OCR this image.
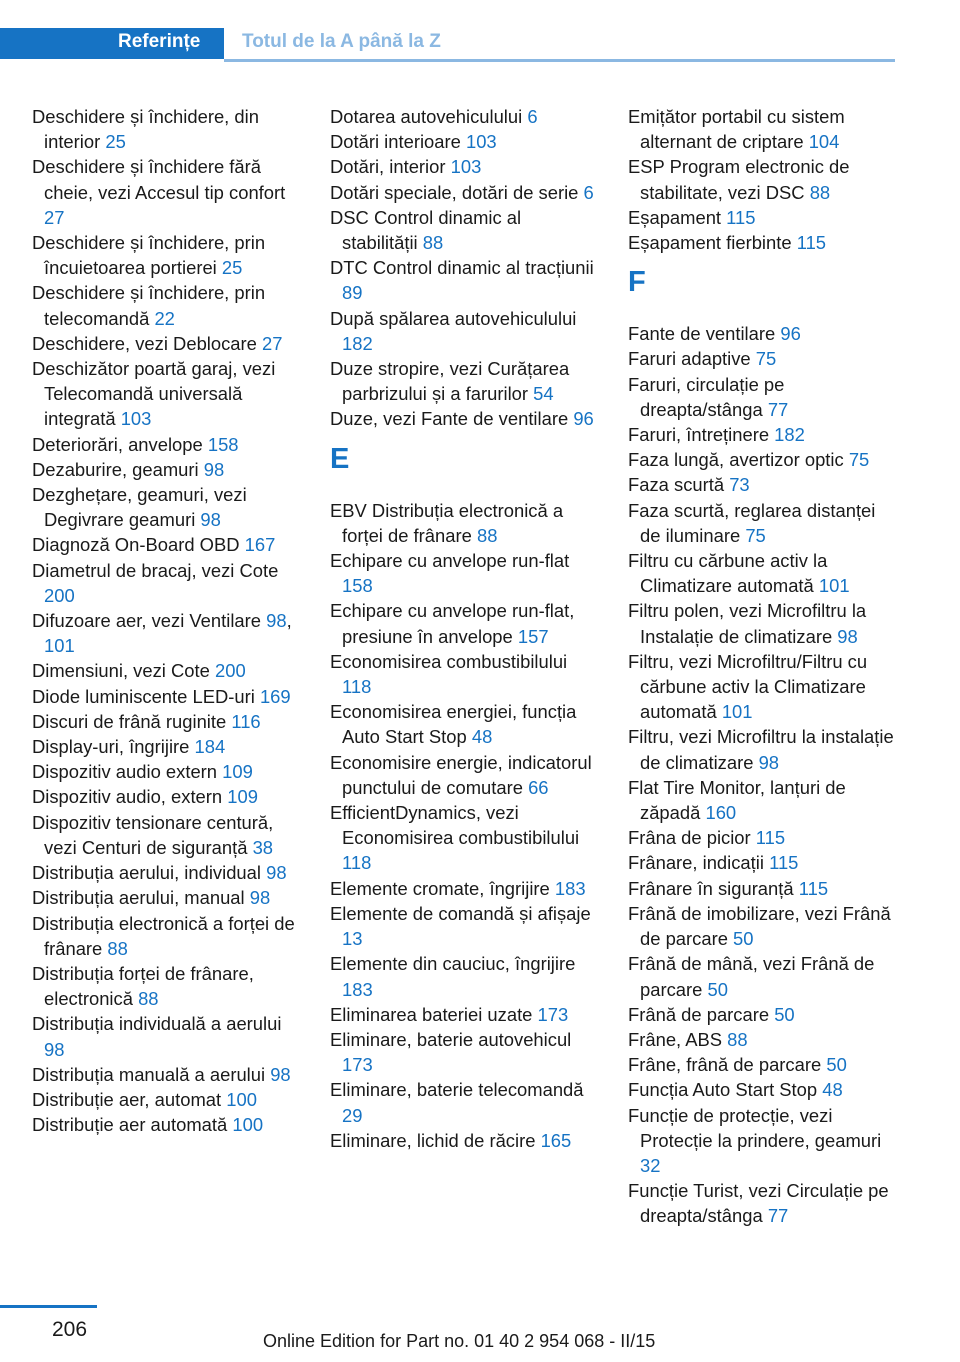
Referințe Totul de la A până la Z
Deschidere și închidere, din interior 25
Deschidere și închidere fără cheie, vezi Accesul tip confort 27
Deschidere și închidere, prin încuietoarea portierei 25
Deschidere și închidere, prin telecomandă 22
Deschidere, vezi Deblocare 27
Deschizător poartă garaj, vezi Telecomandă universală integrată 103
Deteriorări, anvelope 158
Dezaburire, geamuri 98
Dezghețare, geamuri, vezi Degivrare geamuri 98
Diagnoză On-Board OBD 167
Diametrul de bracaj, vezi Cote 200
Difuzoare aer, vezi Ventilare 98, 101
Dimensiuni, vezi Cote 200
Diode luminiscente LED-uri 169
Discuri de frână ruginite 116
Display-uri, îngrijire 184
Dispozitiv audio extern 109
Dispozitiv audio, extern 109
Dispozitiv tensionare centură, vezi Centuri de siguranță 38
Distribuția aerului, individual 98
Distribuția aerului, manual 98
Distribuția electronică a forței de frânare 88
Distribuția forței de frânare, electronică 88
Distribuția individuală a aerului 98
Distribuția manuală a aerului 98
Distribuție aer, automat 100
Distribuție aer automată 100
Dotarea autovehiculului 6
Dotări interioare 103
Dotări, interior 103
Dotări speciale, dotări de serie 6
DSC Control dinamic al stabilității 88
DTC Control dinamic al tracțiunii 89
După spălarea autovehiculului 182
Duze stropire, vezi Curățarea parbrizului și a farurilor 54
Duze, vezi Fante de ventilare 96
E
EBV Distribuția electronică a forței de frânare 88
Echipare cu anvelope run-flat 158
Echipare cu anvelope run-flat, presiune în anvelope 157
Economisirea combustibilului 118
Economisirea energiei, funcția Auto Start Stop 48
Economisire energie, indicatorul punctului de comutare 66
EfficientDynamics, vezi Economisirea combustibilului 118
Elemente cromate, îngrijire 183
Elemente de comandă și afișaje 13
Elemente din cauciuc, îngrijire 183
Eliminarea bateriei uzate 173
Eliminare, baterie autovehicul 173
Eliminare, baterie telecomandă 29
Eliminare, lichid de răcire 165
Emițător portabil cu sistem alternant de criptare 104
ESP Program electronic de stabilitate, vezi DSC 88
Eșapament 115
Eșapament fierbinte 115
F
Fante de ventilare 96
Faruri adaptive 75
Faruri, circulație pe dreapta/stânga 77
Faruri, întreținere 182
Faza lungă, avertizor optic 75
Faza scurtă 73
Faza scurtă, reglarea distanței de iluminare 75
Filtru cu cărbune activ la Climatizare automată 101
Filtru polen, vezi Microfiltru la Instalație de climatizare 98
Filtru, vezi Microfiltru/Filtru cu cărbune activ la Climatizare automată 101
Filtru, vezi Microfiltru la instalație de climatizare 98
Flat Tire Monitor, lanțuri de zăpadă 160
Frâna de picior 115
Frânare, indicații 115
Frânare în siguranță 115
Frână de imobilizare, vezi Frână de parcare 50
Frână de mână, vezi Frână de parcare 50
Frână de parcare 50
Frâne, ABS 88
Frâne, frână de parcare 50
Funcția Auto Start Stop 48
Funcție de protecție, vezi Protecție la prindere, geamuri 32
Funcție Turist, vezi Circulație pe dreapta/stânga 77
206	Online Edition for Part no. 01 40 2 954 068 - II/15
